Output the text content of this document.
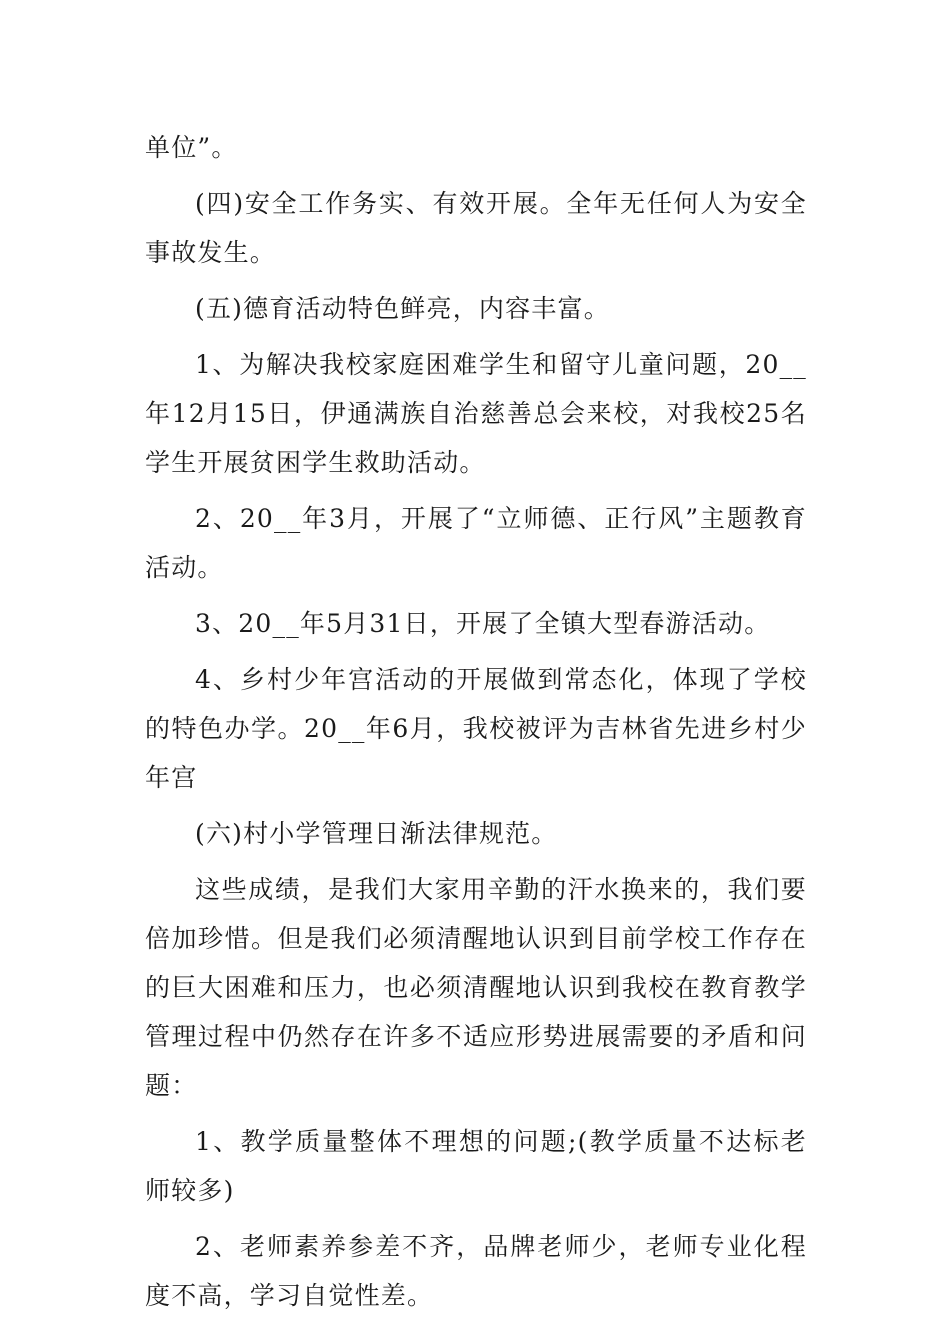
单位”。

(四)安全工作务实、有效开展。全年无任何人为安全事故发生。

(五)德育活动特色鲜亮，内容丰富。

1、为解决我校家庭困难学生和留守儿童问题，20__年12月15日，伊通满族自治慈善总会来校，对我校25名学生开展贫困学生救助活动。

2、20__年3月，开展了“立师德、正行风”主题教育活动。

3、20__年5月31日，开展了全镇大型春游活动。

4、乡村少年宫活动的开展做到常态化，体现了学校的特色办学。20__年6月，我校被评为吉林省先进乡村少年宫

(六)村小学管理日渐法律规范。

这些成绩，是我们大家用辛勤的汗水换来的，我们要倍加珍惜。但是我们必须清醒地认识到目前学校工作存在的巨大困难和压力，也必须清醒地认识到我校在教育教学管理过程中仍然存在许多不适应形势进展需要的矛盾和问题：

1、教学质量整体不理想的问题;(教学质量不达标老师较多)

2、老师素养参差不齐，品牌老师少，老师专业化程度不高，学习自觉性差。
